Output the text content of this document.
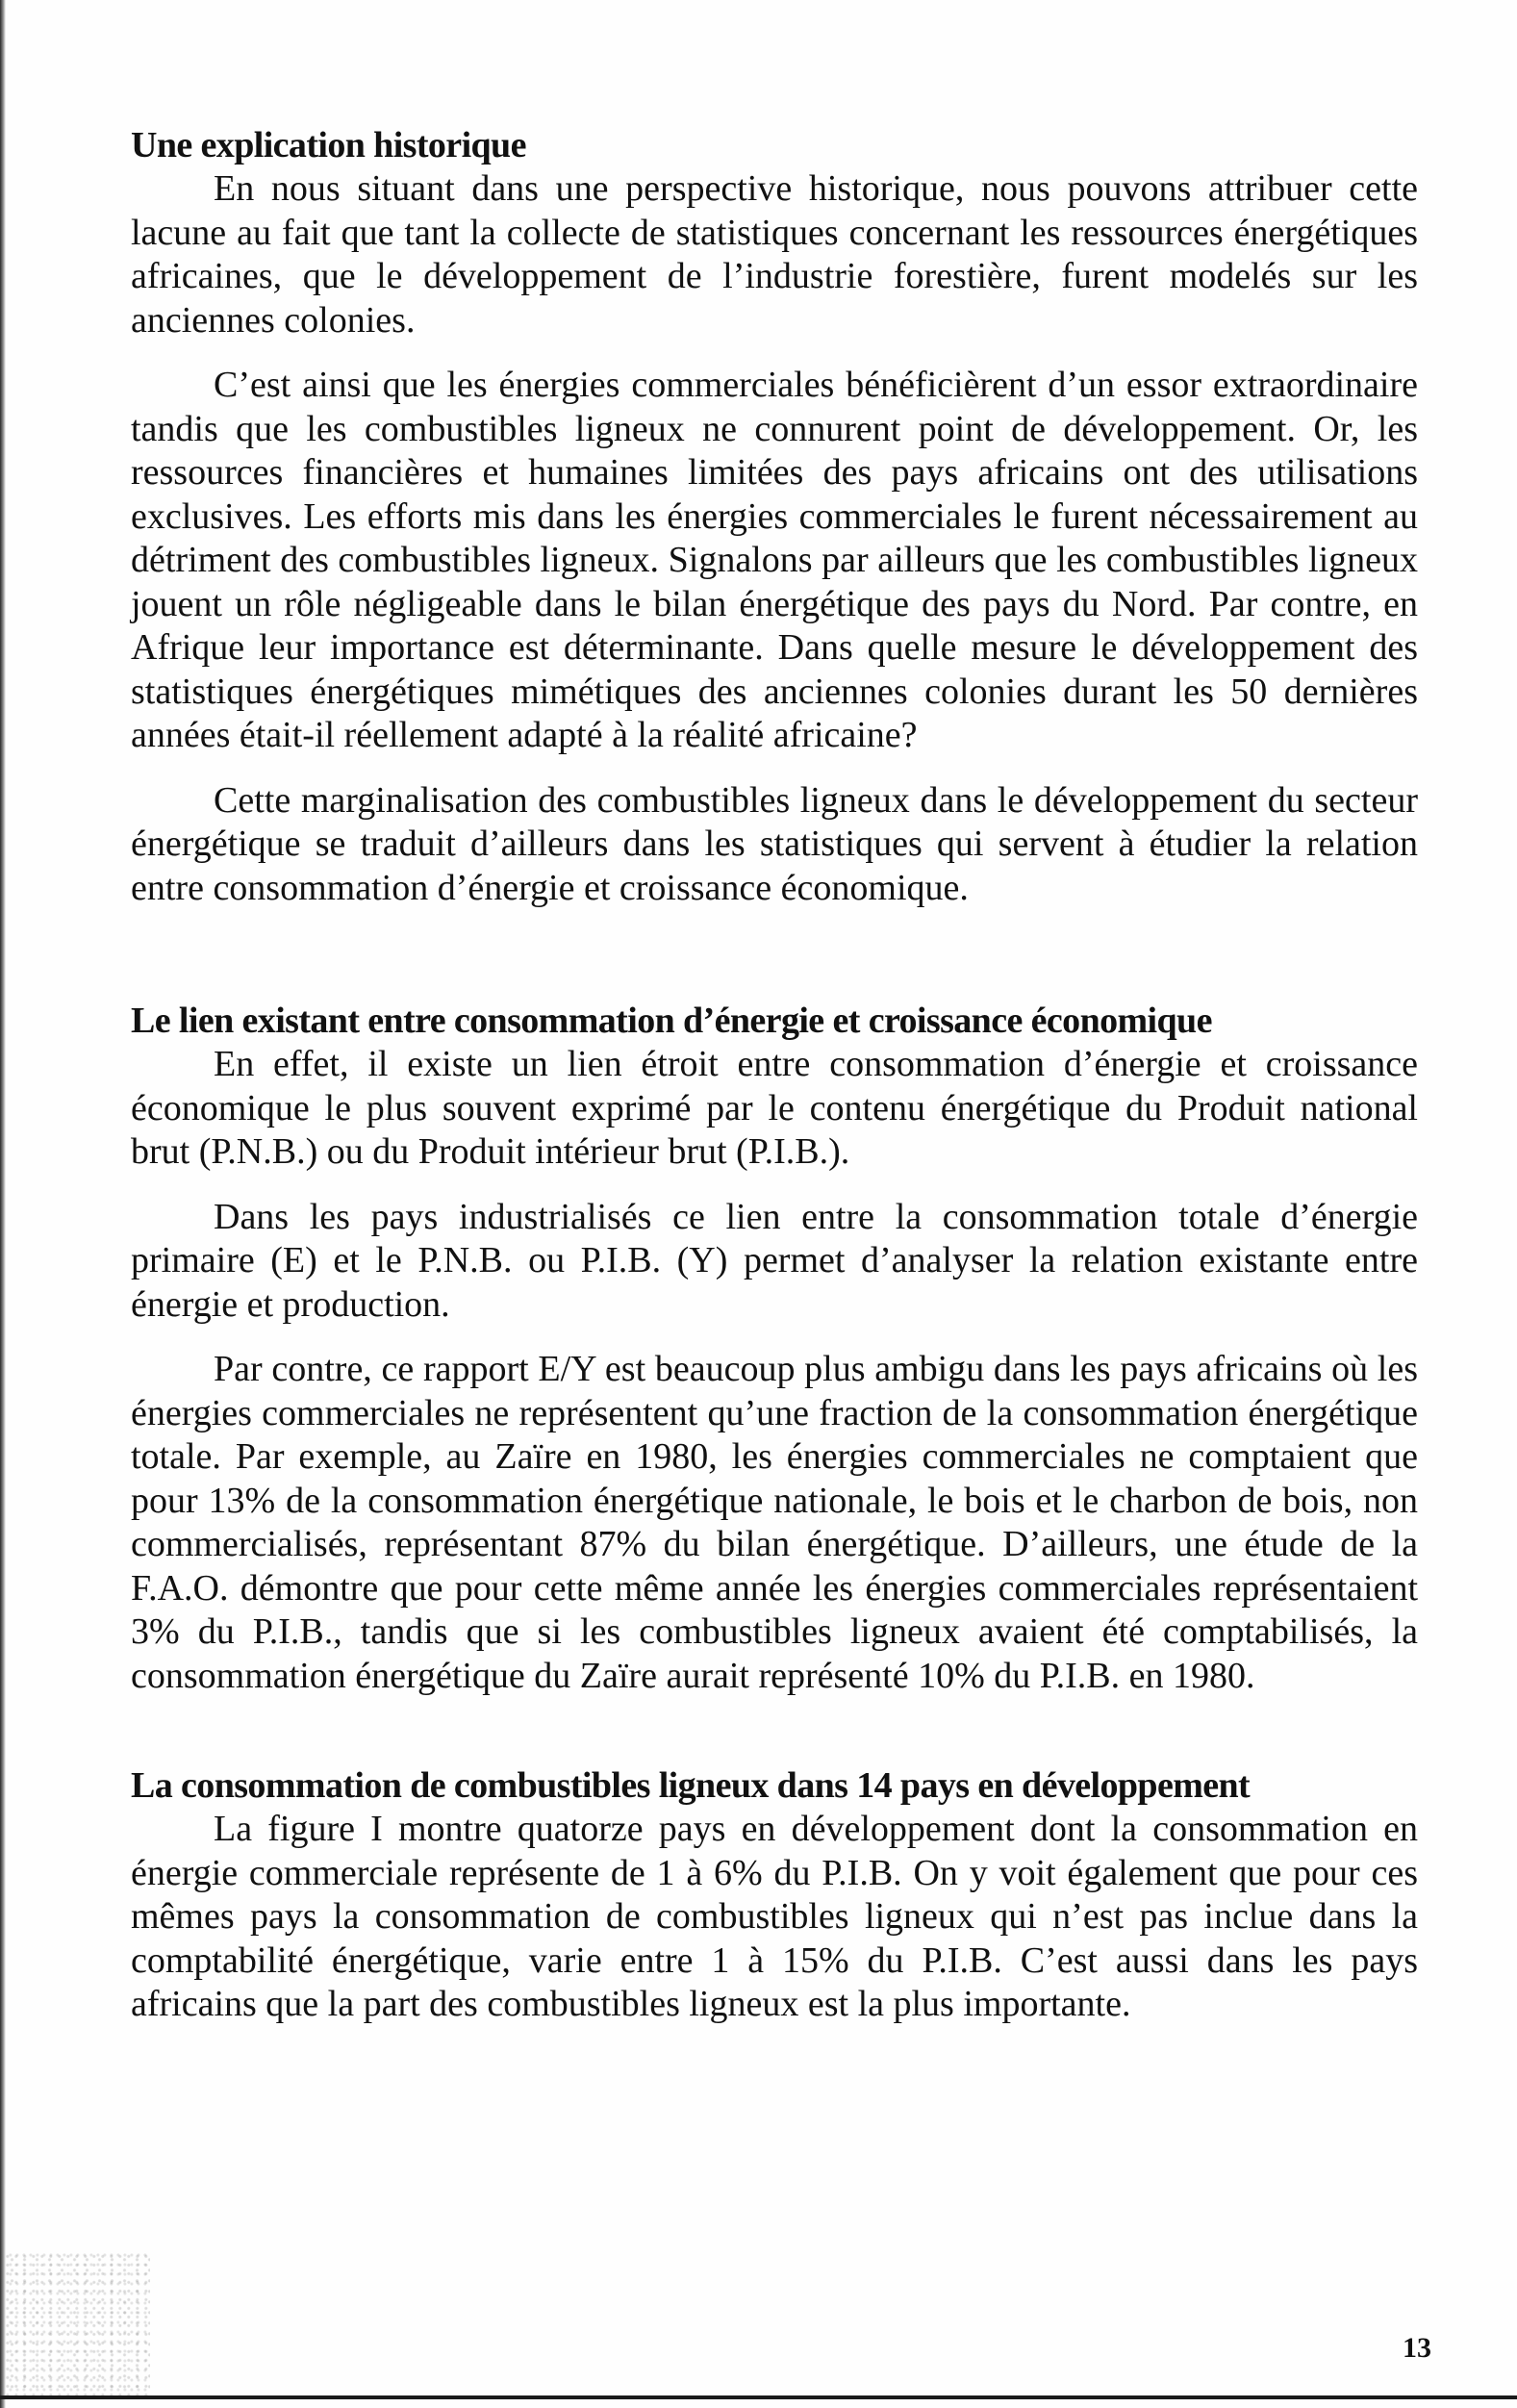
Une explication historique

En nous situant dans une perspective historique, nous pouvons attribuer cette lacune au fait que tant la collecte de statistiques concernant les ressources énergétiques africaines, que le développement de l’industrie forestière, furent modelés sur les anciennes colonies.

C’est ainsi que les énergies commerciales bénéficièrent d’un essor extraordinaire tandis que les combustibles ligneux ne connurent point de développement. Or, les ressources financières et humaines limitées des pays africains ont des utilisations exclusives. Les efforts mis dans les énergies commerciales le furent nécessairement au détriment des combustibles ligneux. Signalons par ailleurs que les combustibles ligneux jouent un rôle négligeable dans le bilan énergétique des pays du Nord. Par contre, en Afrique leur importance est déterminante. Dans quelle mesure le développement des statistiques énergétiques mimétiques des anciennes colonies durant les 50 dernières années était-il réellement adapté à la réalité africaine?

Cette marginalisation des combustibles ligneux dans le développement du secteur énergétique se traduit d’ailleurs dans les statistiques qui servent à étudier la relation entre consommation d’énergie et croissance économique.

Le lien existant entre consommation d’énergie et croissance économique

En effet, il existe un lien étroit entre consommation d’énergie et croissance économique le plus souvent exprimé par le contenu énergétique du Produit national brut (P.N.B.) ou du Produit intérieur brut (P.I.B.).

Dans les pays industrialisés ce lien entre la consommation totale d’énergie primaire (E) et le P.N.B. ou P.I.B. (Y) permet d’analyser la relation existante entre énergie et production.

Par contre, ce rapport E/Y est beaucoup plus ambigu dans les pays africains où les énergies commerciales ne représentent qu’une fraction de la consommation énergétique totale. Par exemple, au Zaïre en 1980, les énergies commerciales ne comptaient que pour 13% de la consommation énergétique nationale, le bois et le charbon de bois, non commercialisés, représentant 87% du bilan énergétique. D’ailleurs, une étude de la F.A.O. démontre que pour cette même année les énergies commerciales représentaient 3% du P.I.B., tandis que si les combustibles ligneux avaient été comptabilisés, la consommation énergétique du Zaïre aurait représenté 10% du P.I.B. en 1980.

La consommation de combustibles ligneux dans 14 pays en développement

La figure I montre quatorze pays en développement dont la consommation en énergie commerciale représente de 1 à 6% du P.I.B. On y voit également que pour ces mêmes pays la consommation de combustibles ligneux qui n’est pas inclue dans la comptabilité énergétique, varie entre 1 à 15% du P.I.B. C’est aussi dans les pays africains que la part des combustibles ligneux est la plus importante.

13
